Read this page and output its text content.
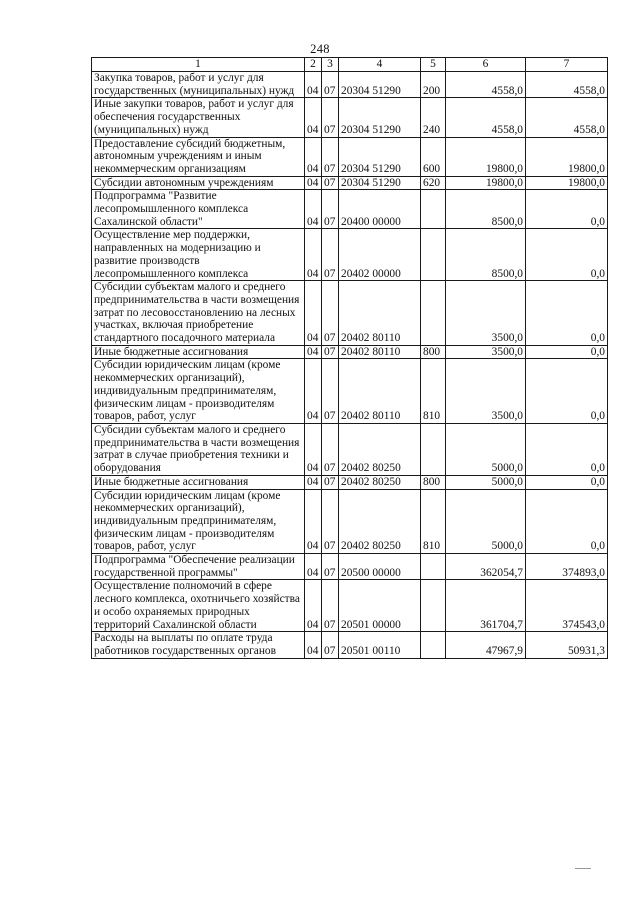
248
1	2	3	4	5	6	7
Закупка товаров, работ и услуг для государственных (муниципальных) нужд	04	07	20304 51290	200	4558,0	4558,0
Иные закупки товаров, работ и услуг для обеспечения государственных (муниципальных) нужд	04	07	20304 51290	240	4558,0	4558,0
Предоставление субсидий бюджетным, автономным учреждениям и иным некоммерческим организациям	04	07	20304 51290	600	19800,0	19800,0
Субсидии автономным учреждениям	04	07	20304 51290	620	19800,0	19800,0
Подпрограмма "Развитие лесопромышленного комплекса Сахалинской области"	04	07	20400 00000		8500,0	0,0
Осуществление мер поддержки, направленных на модернизацию и развитие производств лесопромышленного комплекса	04	07	20402 00000		8500,0	0,0
Субсидии субъектам малого и среднего предпринимательства в части возмещения затрат по лесовосстановлению на лесных участках, включая приобретение стандартного посадочного материала	04	07	20402 80110		3500,0	0,0
Иные бюджетные ассигнования	04	07	20402 80110	800	3500,0	0,0
Субсидии юридическим лицам (кроме некоммерческих организаций), индивидуальным предпринимателям, физическим лицам - производителям товаров, работ, услуг	04	07	20402 80110	810	3500,0	0,0
Субсидии субъектам малого и среднего предпринимательства в части возмещения затрат в случае приобретения техники и оборудования	04	07	20402 80250		5000,0	0,0
Иные бюджетные ассигнования	04	07	20402 80250	800	5000,0	0,0
Субсидии юридическим лицам (кроме некоммерческих организаций), индивидуальным предпринимателям, физическим лицам - производителям товаров, работ, услуг	04	07	20402 80250	810	5000,0	0,0
Подпрограмма "Обеспечение реализации государственной программы"	04	07	20500 00000		362054,7	374893,0
Осуществление полномочий в сфере лесного комплекса, охотничьего хозяйства и особо охраняемых природных территорий Сахалинской области	04	07	20501 00000		361704,7	374543,0
Расходы на выплаты по оплате труда работников государственных органов	04	07	20501 00110		47967,9	50931,3
